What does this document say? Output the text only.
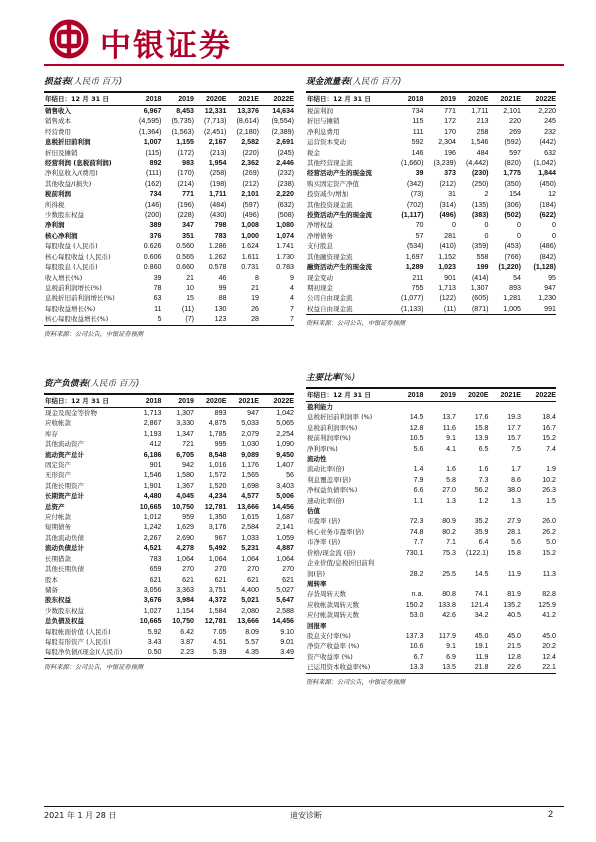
中银证券
损益表(人民币 百万)
年结日：12 月 31 日	2018	2019	2020E	2021E	2022E
销售收入	6,967	8,453	12,331	13,376	14,634
销售成本	(4,595)	(5,735)	(7,713)	(8,614)	(9,554)
经营费用	(1,364)	(1,563)	(2,451)	(2,180)	(2,389)
息税折旧前利润	1,007	1,155	2,167	2,582	2,691
折旧及摊销	(115)	(172)	(213)	(220)	(245)
经营利润 (息税前利润)	892	983	1,954	2,362	2,446
净利息收入/(费用)	(111)	(170)	(258)	(269)	(232)
其他收益/(损失)	(162)	(214)	(198)	(212)	(238)
税前利润	734	771	1,711	2,101	2,220
所得税	(146)	(196)	(484)	(597)	(632)
少数股东权益	(200)	(228)	(430)	(496)	(508)
净利润	389	347	798	1,008	1,080
核心净利润	376	351	783	1,000	1,074
每股收益 (人民币)	0.626	0.560	1.286	1.624	1.741
核心每股收益 (人民币)	0.606	0.565	1.262	1.611	1.730
每股股息 (人民币)	0.860	0.660	0.578	0.731	0.783
收入增长(%)	39	21	46	8	9
息税前利润增长(%)	78	10	99	21	4
息税折旧前利润增长(%)	63	15	88	19	4
每股收益增长(%)	11	(11)	130	26	7
核心每股收益增长(%)	5	(7)	123	28	7
资料来源：公司公告，中银证券预测
资产负债表(人民币 百万)
年结日：12 月 31 日	2018	2019	2020E	2021E	2022E
现金及现金等价物	1,713	1,307	893	947	1,042
应收帐款	2,867	3,330	4,875	5,033	5,065
库存	1,193	1,347	1,785	2,079	2,254
其他流动资产	412	721	995	1,030	1,090
流动资产总计	6,186	6,705	8,548	9,089	9,450
固定资产	901	942	1,016	1,176	1,407
无形资产	1,546	1,580	1,572	1,565	56
其他长期资产	1,901	1,367	1,520	1,698	3,403
长期资产总计	4,480	4,045	4,234	4,577	5,006
总资产	10,665	10,750	12,781	13,666	14,456
应付帐款	1,012	959	1,350	1,615	1,687
短期债务	1,242	1,629	3,176	2,584	2,141
其他流动负债	2,267	2,690	967	1,033	1,059
流动负债总计	4,521	4,278	5,492	5,231	4,887
长期借款	783	1,064	1,064	1,064	1,064
其他长期负债	659	270	270	270	270
股本	621	621	621	621	621
储备	3,056	3,363	3,751	4,400	5,027
股东权益	3,676	3,984	4,372	5,021	5,647
少数股东权益	1,027	1,154	1,584	2,080	2,588
总负债及权益	10,665	10,750	12,781	13,666	14,456
每股帐面价值 (人民币)	5.92	6.42	7.05	8.09	9.10
每股有形资产 (人民币)	3.43	3.87	4.51	5.57	9.01
每股净负债/(现金)(人民币)	0.50	2.23	5.39	4.35	3.49
资料来源：公司公告，中银证券预测
现金流量表(人民币 百万)
年结日：12 月 31 日	2018	2019	2020E	2021E	2022E
税前利润	734	771	1,711	2,101	2,220
折旧与摊销	115	172	213	220	245
净利息费用	111	170	258	269	232
运营资本变动	592	2,304	1,546	(592)	(442)
税金	146	196	484	597	632
其他经营现金流	(1,660)	(3,239)	(4,442)	(820)	(1,042)
经营活动产生的现金流	39	373	(230)	1,775	1,844
购买固定资产净值	(342)	(212)	(250)	(350)	(450)
投资减少/增加	(73)	31	2	154	12
其他投资现金流	(702)	(314)	(135)	(306)	(184)
投资活动产生的现金流	(1,117)	(496)	(383)	(502)	(622)
净增权益	70	0	0	0	0
净增债务	57	281	0	0	0
支付股息	(534)	(410)	(359)	(453)	(486)
其他融资现金流	1,697	1,152	558	(766)	(842)
融资活动产生的现金流	1,289	1,023	199	(1,220)	(1,128)
现金变动	211	901	(414)	54	95
期初现金	755	1,713	1,307	893	947
公司自由现金流	(1,077)	(122)	(605)	1,281	1,230
权益自由现金流	(1,133)	(11)	(871)	1,005	991
资料来源：公司公告，中银证券预测
主要比率(%)
年结日：12 月 31 日	2018	2019	2020E	2021E	2022E
盈利能力					
息税折旧前利润率 (%)	14.5	13.7	17.6	19.3	18.4
息税前利润率(%)	12.8	11.6	15.8	17.7	16.7
税前利润率(%)	10.5	9.1	13.9	15.7	15.2
净利率(%)	5.6	4.1	6.5	7.5	7.4
流动性					
流动比率(倍)	1.4	1.6	1.6	1.7	1.9
利息覆盖率(倍)	7.9	5.8	7.3	8.6	10.2
净权益负债率(%)	6.6	27.0	56.2	38.0	26.3
速动比率(倍)	1.1	1.3	1.2	1.3	1.5
估值					
市盈率 (倍)	72.3	80.9	35.2	27.9	26.0
核心业务市盈率(倍)	74.8	80.2	35.9	28.1	26.2
市净率 (倍)	7.7	7.1	6.4	5.6	5.0
价格/现金流 (倍)	730.1	75.3	(122.1)	15.8	15.2
企业价值/息税折旧前利					
润(倍)	28.2	25.5	14.5	11.9	11.3
周转率					
存货周转天数	n.a.	80.8	74.1	81.9	82.8
应收帐款周转天数	150.2	133.8	121.4	135.2	125.9
应付帐款周转天数	53.0	42.6	34.2	40.5	41.2
回报率					
股息支付率(%)	137.3	117.9	45.0	45.0	45.0
净资产收益率 (%)	10.6	9.1	19.1	21.5	20.2
资产收益率 (%)	6.7	6.9	11.9	12.8	12.4
已运用资本收益率(%)	13.3	13.5	21.8	22.6	22.1
资料来源：公司公告，中银证券预测
2021 年 1 月 28 日	迪安诊断	2
